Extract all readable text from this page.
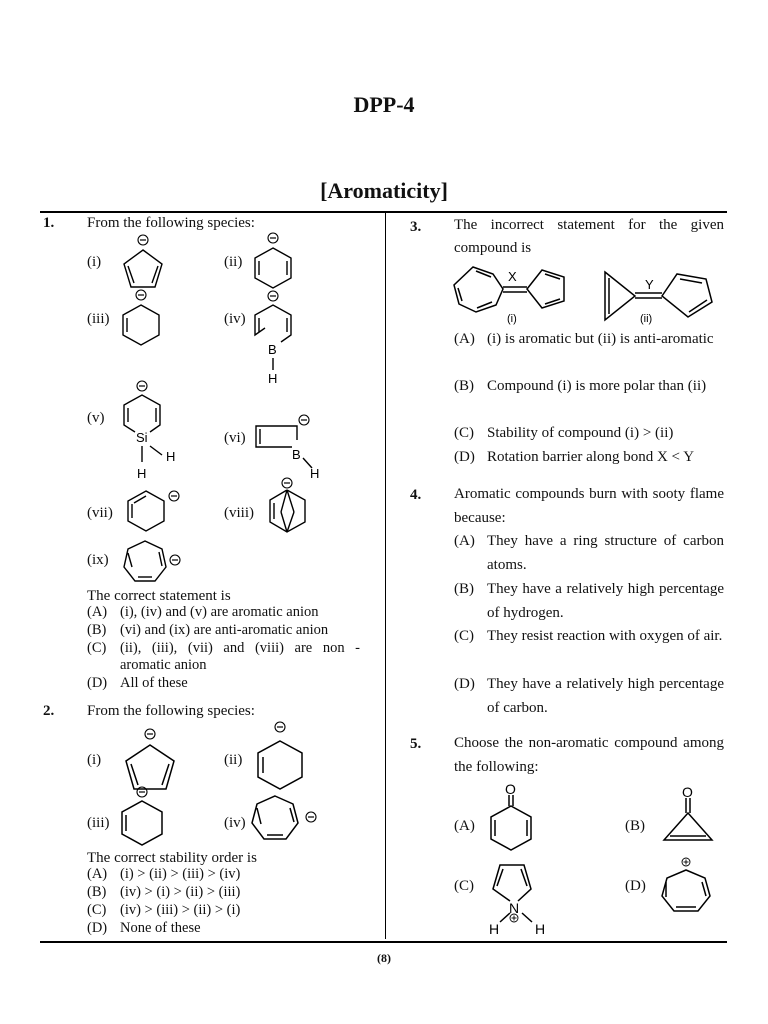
DPP-4
[Aromaticity]
(8)
1. From the following species:
(i)	(ii)
(iii)	(iv)
(v)
(vi)
(vii)	(viii)
(ix)
B
H
Si
H
H	B
H
The correct statement is
(A) (i), (iv) and (v) are aromatic anion
(B) (vi) and (ix) are anti-aromatic anion
(C) (ii), (iii), (vii) and (viii) are non -
aromatic anion
(D) All of these
2. From the following species:
(i)	(ii)
(iii)	(iv)
The correct stability order is
(A) (i) > (ii) > (iii) > (iv)
(B) (iv) > (i) > (ii) > (iii)
(C) (iv) > (iii) > (ii) > (i)
(D) None of these
3. The incorrect statement for the given
compound is
X
(i)
Y
(ii)
(A) (i) is aromatic but (ii) is anti-aromatic
(B) Compound (i) is more polar than (ii)
(C) Stability of compound (i) > (ii)
(D) Rotation barrier along bond X < Y
4. Aromatic compounds burn with sooty flame because:
(A) They have a ring structure of carbon atoms.
(B) They have a relatively high percentage of hydrogen.
(C) They resist reaction with oxygen of air.
(D) They have a relatively high percentage of carbon.
5. Choose the non-aromatic compound among the following:
(A)	(B)
(C)	(D)
O	O
N
H	H
